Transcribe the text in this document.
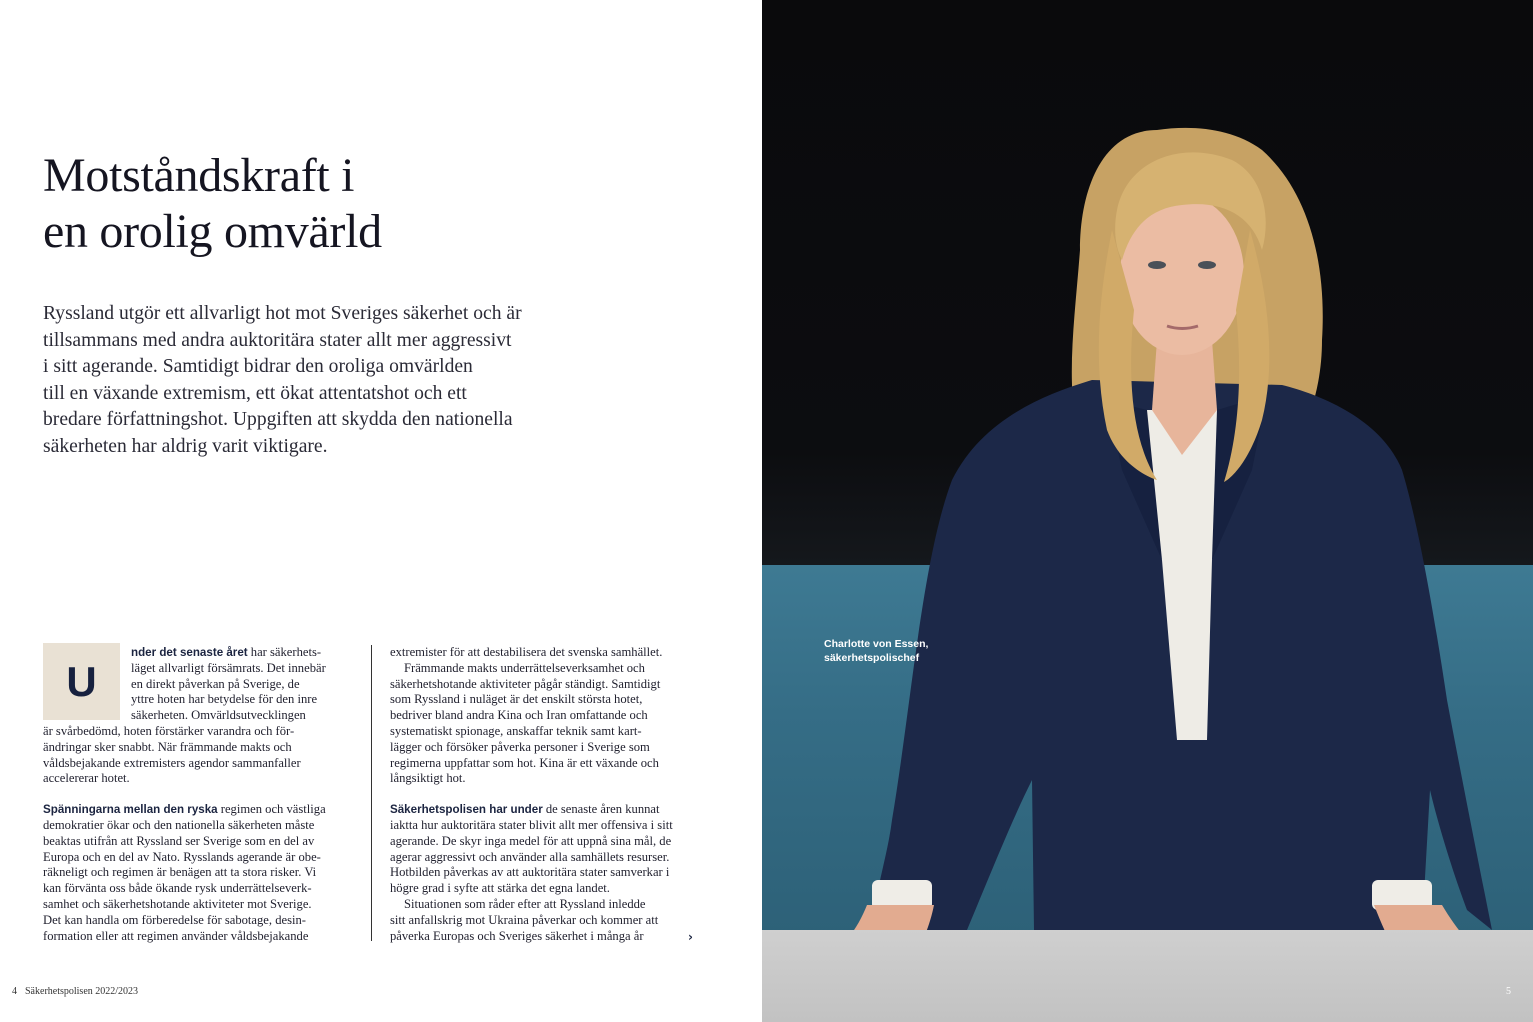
Motståndskraft i
en orolig omvärld
Ryssland utgör ett allvarligt hot mot Sveriges säkerhet och är
tillsammans med andra auktoritära stater allt mer aggressivt
i sitt agerande. Samtidigt bidrar den oroliga omvärlden
till en växande extremism, ett ökat attentatshot och ett
bredare författningshot. Uppgiften att skydda den nationella
säkerheten har aldrig varit viktigare.
U
nder det senaste året har säkerhets-
läget allvarligt försämrats. Det innebär
en direkt påverkan på Sverige, de
yttre hoten har betydelse för den inre
säkerheten. Omvärldsutvecklingen
är svårbedömd, hoten förstärker varandra och för-
ändringar sker snabbt. När främmande makts och
våldsbejakande extremisters agendor sammanfaller
accelererar hotet.
Spänningarna mellan den ryska regimen och västliga
demokratier ökar och den nationella säkerheten måste
beaktas utifrån att Ryssland ser Sverige som en del av
Europa och en del av Nato. Rysslands agerande är obe-
räkneligt och regimen är benägen att ta stora risker. Vi
kan förvänta oss både ökande rysk underrättelseverk-
samhet och säkerhetshotande aktiviteter mot Sverige.
Det kan handla om förberedelse för sabotage, desin-
formation eller att regimen använder våldsbejakande
extremister för att destabilisera det svenska samhället.
Främmande makts underrättelseverksamhet och
säkerhetshotande aktiviteter pågår ständigt. Samtidigt
som Ryssland i nuläget är det enskilt största hotet,
bedriver bland andra Kina och Iran omfattande och
systematiskt spionage, anskaffar teknik samt kart-
lägger och försöker påverka personer i Sverige som
regimerna uppfattar som hot. Kina är ett växande och
långsiktigt hot.
Säkerhetspolisen har under de senaste åren kunnat
iaktta hur auktoritära stater blivit allt mer offensiva i sitt
agerande. De skyr inga medel för att uppnå sina mål, de
agerar aggressivt och använder alla samhällets resurser.
Hotbilden påverkas av att auktoritära stater samverkar i
högre grad i syfte att stärka det egna landet.
Situationen som råder efter att Ryssland inledde
sitt anfallskrig mot Ukraina påverkar och kommer att
påverka Europas och Sveriges säkerhet i många år	›
4 Säkerhetspolisen 2022/2023
Charlotte von Essen,
säkerhetspolischef
5
